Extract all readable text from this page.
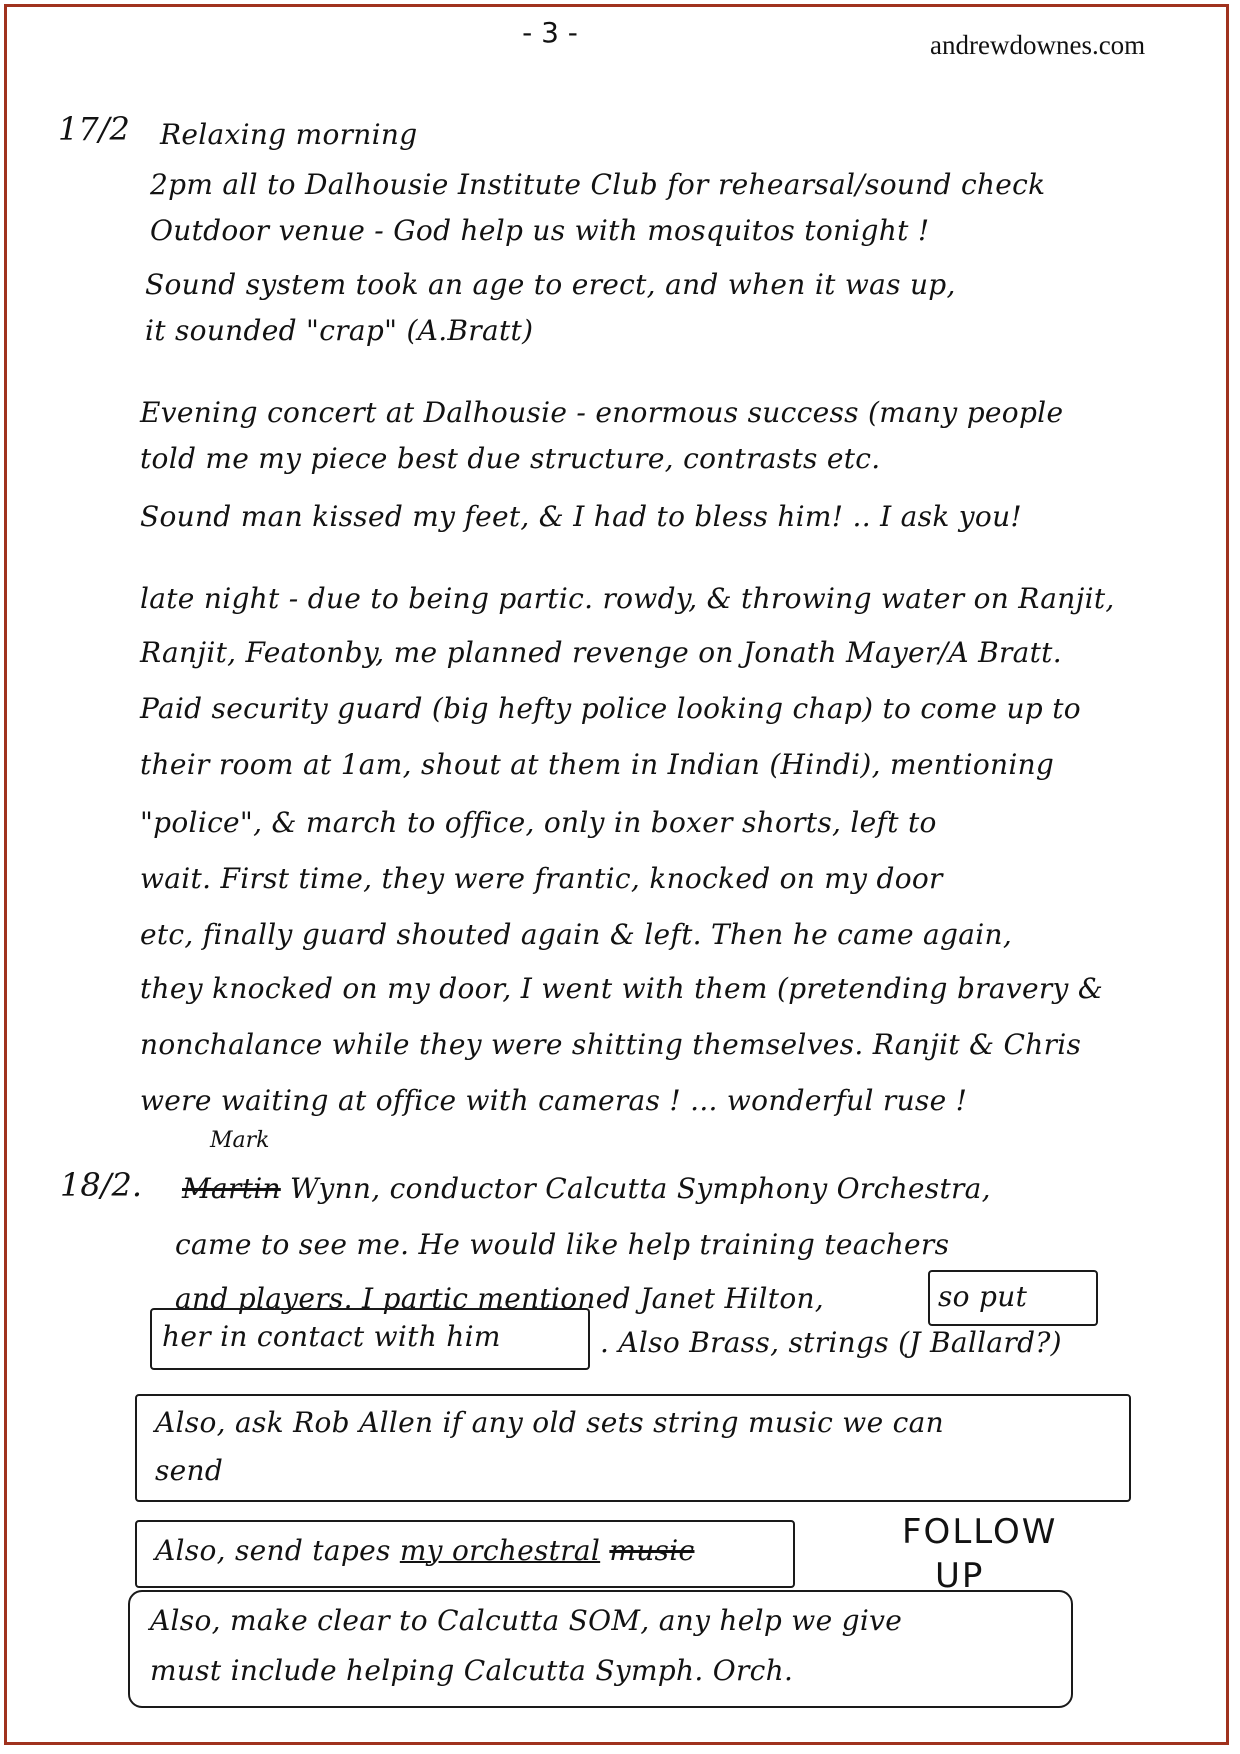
- 3 -	andrewdownes.com
17/2 Relaxing morning
2pm all to Dalhousie Institute Club for rehearsal/sound check
Outdoor venue - God help us with mosquitos tonight !
Sound system took an age to erect, and when it was up,
it sounded "crap" (A.Bratt)
Evening concert at Dalhousie - enormous success (many people
told me my piece best due structure, contrasts etc.
Sound man kissed my feet, & I had to bless him! .. I ask you!
late night - due to being partic. rowdy, & throwing water on Ranjit,
Ranjit, Featonby, me planned revenge on Jonath Mayer/A Bratt.
Paid security guard (big hefty police looking chap) to come up to
their room at 1am, shout at them in Indian (Hindi), mentioning
"police", & march to office, only in boxer shorts, left to
wait. First time, they were frantic, knocked on my door
etc, finally guard shouted again & left. Then he came again,
they knocked on my door, I went with them (pretending bravery &
nonchalance while they were shitting themselves. Ranjit & Chris
were waiting at office with cameras ! ... wonderful ruse !
Mark
18/2. Martin Wynn, conductor Calcutta Symphony Orchestra,
came to see me. He would like help training teachers
and players. I partic mentioned Janet Hilton,	so put
her in contact with him	. Also Brass, strings (J Ballard?)
Also, ask Rob Allen if any old sets string music we can
send
Also, send tapes my orchestral music	FOLLOW
UP
Also, make clear to Calcutta SOM, any help we give
must include helping Calcutta Symph. Orch.
